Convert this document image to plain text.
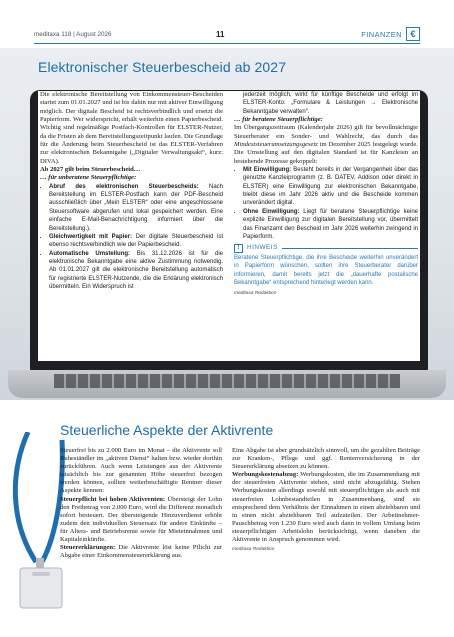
meditaxa 118 | August 2026	11	FINANZEN €
Elektronischer Steuerbescheid ab 2027

Die elektronische Bereitstellung von Einkommensteuer-Bescheiden startet zum 01.01.2027 und ist bis dahin nur mit aktiver Einwilligung möglich. Der digitale Bescheid ist rechtsverbindlich und ersetzt die Papierform. Wer widerspricht, erhält weiterhin einen Papierbescheid. Wichtig sind regelmäßige Postfach-Kontrollen für ELSTER-Nutzer, da die Fristen ab dem Bereitstellungszeitpunkt laufen. Die Grundlage für die Änderung beim Steuerbescheid ist das ELSTER-Verfahren zur elektronischen Bekanntgabe („Digitaler Verwaltungsakt“, kurz: DIVA).

Ab 2027 gilt beim Steuerbescheid…

… für unberatene Steuerpflichtige:

• Abruf des elektronischen Steuerbescheids: Nach Bereitstellung im ELSTER-Postfach kann der PDF-Bescheid ausschließlich über „Mein ELSTER“ oder eine angeschlossene Steuersoftware abgerufen und lokal gespeichert werden. Eine einfache E-Mail-Benachrichtigung informiert über die Bereitstellung.).
• Gleichwertigkeit mit Papier: Der digitale Steuerbescheid ist ebenso rechtsverbindlich wie der Papierbescheid.
• Automatische Umstellung: Bis 31.12.2026 ist für die elektronische Bekanntgabe eine aktive Zustimmung notwendig. Ab 01.01.2027 gilt die elektronische Bereitstellung automatisch für registrierte ELSTER-Nutzende, die die Erklärung elektronisch übermitteln. Ein Widerspruch ist
jederzeit möglich, wirkt für künftige Bescheide und erfolgt im ELSTER-Konto: „Formulare & Leistungen → Elektronische Bekanntgabe verwalten“.

… für beratene Steuerpflichtige:

Im Übergangszeitraum (Kalenderjahr 2026) gilt für bevollmächtigte Steuerberater ein Sonder- und Wahlrecht, das durch das Mindeststeuerumsetzungsgesetz im Dezember 2025 festgelegt wurde. Die Umstellung auf den digitalen Standard ist für Kanzleien an bestehende Prozesse gekoppelt:

• Mit Einwilligung: Besteht bereits in der Vergangenheit über das genutzte Kanzleiprogramm (z. B. DATEV, Addison oder direkt in ELSTER) eine Einwilligung zur elektronischen Bekanntgabe, bleibt diese im Jahr 2026 aktiv und die Bescheide kommen unverändert digital.
• Ohne Einwilligung: Liegt für beratene Steuerpflichtige keine explizite Einwilligung zur digitalen Bereitstellung vor, übermittelt das Finanzamt den Bescheid im Jahr 2026 weiterhin zwingend in Papierform.
!	HINWEIS
Beratene Steuerpflichtige, die ihre Bescheide weiterhin unverändert in Papierform wünschen, sollten ihre Steuerberater darüber informieren, damit bereits jetzt die „dauerhafte postalische Bekanntgabe“ entsprechend hinterlegt werden kann.
meditaxa Redaktion
Steuerliche Aspekte der Aktivrente

Steuerfrei bis zu 2.000 Euro im Monat – die Aktivrente soll Ruheständler im „aktiven Dienst“ halten bzw. wieder dorthin zurückführen. Auch wenn Leistungen aus der Aktivrente tatsächlich bis zur genannten Höhe steuerfrei bezogen werden können, sollten weiterbeschäftigte Rentner dieser Aspekte kennen:

Steuerpflicht bei hohen Aktivrenten: Übersteigt der Lohn den Freibetrag von 2.000 Euro, wird die Differenz monatlich sofort besteuert. Der übersteigende Hinzuverdienst erhöht zudem den individuellen Steuersatz für andere Einkünfte – für Alters- und Betriebsrente sowie für Mieteinnahmen und Kapitaleinkünfte.

Steuererklärungen: Die Aktivrente löst keine Pflicht zur Abgabe einer Einkommensteuererklärung aus.

Eine Abgabe ist aber grundsätzlich sinnvoll, um die gezahlten Beiträge zur Kranken-, Pflege und ggf. Rentenversicherung in der Steuererklärung absetzen zu können.

Werbungskostenabzug: Werbungskosten, die im Zusammenhang mit der steuerfreien Aktivrente stehen, sind nicht abzugsfähig. Stehen Werbungskosten allerdings sowohl mit steuerpflichtigen als auch mit steuerfreien Lohnbestandteilen in Zusammenhang, sind sie entsprechend dem Verhältnis der Einnahmen in einen abziehbaren und in einen nicht abziehbaren Teil aufzuteilen. Der Arbeitnehmer-Pauschbetrag von 1.230 Euro wird auch dann in vollem Umfang beim steuerpflichtigen Arbeitslohn berücksichtigt, wenn daneben die Aktivrente in Anspruch genommen wird.

meditaxa Redaktion
